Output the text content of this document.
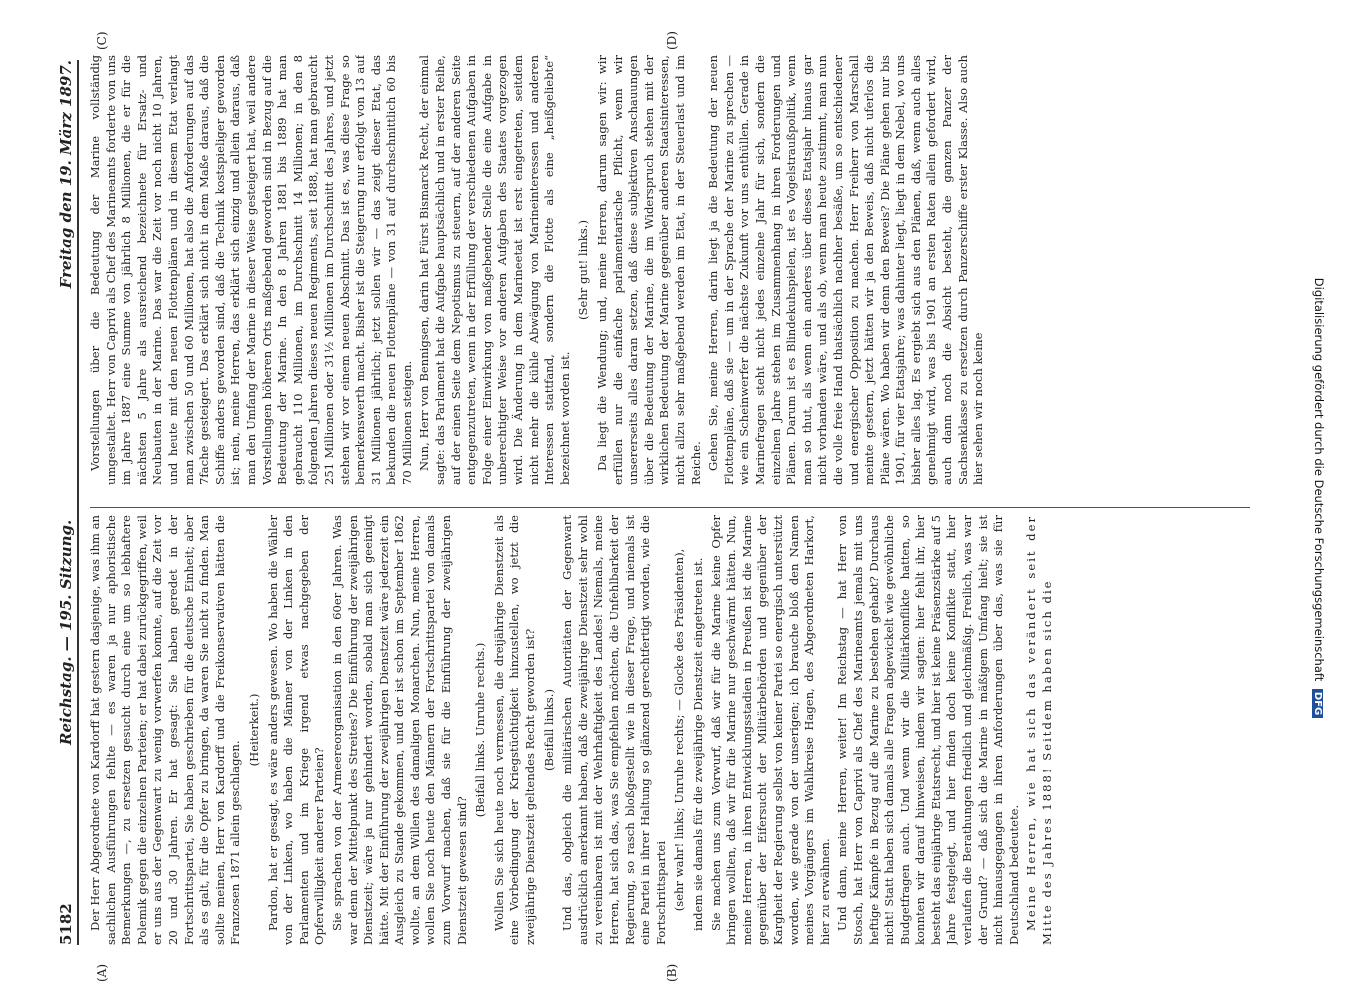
5182
Reichstag. — 195. Sitzung.
Freitag den 19. März 1897.
(A)	(B)
(C)	(D)

Der Herr Abgeordnete von Kardorff hat gestern dasjenige, was ihm an sachlichen Ausführungen fehlte — es waren ja nur aphoristische Bemerkungen —, zu ersetzen gesucht durch eine um so lebhaftere Polemik gegen die einzelnen Parteien; er hat dabei zurückgegriffen, weil er uns aus der Gegenwart zu wenig vorwerfen konnte, auf die Zeit vor 20 und 30 Jahren. Er hat gesagt: Sie haben geredet in der Fortschrittspartei, Sie haben geschrieben für die deutsche Einheit; aber als es galt, für die Opfer zu bringen, da waren Sie nicht zu finden. Man sollte meinen, Herr von Kardorff und die Freikonservativen hätten die Franzosen 1871 allein geschlagen.

(Heiterkeit.) Pardon, hat er gesagt, es wäre anders gewesen. Wo haben die Wähler von der Linken, wo haben die Männer von der Linken in den Parlamenten und im Kriege irgend etwas nachgegeben der Opferwilligkeit anderer Parteien? Sie sprachen von der Armeereorganisation in den 60er Jahren. Was war denn der Mittelpunkt des Streites? Die Einführung der zweijährigen Dienstzeit; wäre ja nur gehindert worden, sobald man sich geeinigt hätte. Mit der Einführung der zweijährigen Dienstzeit wäre jederzeit ein Ausgleich zu Stande gekommen, und der ist schon im September 1862 wollte, an dem Willen des damaligen Monarchen. Nun, meine Herren, wollen Sie noch heute den Männern der Fortschrittspartei von damals zum Vorwurf machen, daß sie für die Einführung der zweijährigen Dienstzeit gewesen sind?

(Beifall links. Unruhe rechts.) Wollen Sie sich heute noch vermessen, die dreijährige Dienstzeit als eine Vorbedingung der Kriegstüchtigkeit hinzustellen, wo jetzt die zweijährige Dienstzeit geltendes Recht geworden ist? (Beifall links.) Und das, obgleich die militärischen Autoritäten der Gegenwart ausdrücklich anerkannt haben, daß die zweijährige Dienstzeit sehr wohl zu vereinbaren ist mit der Wehrhaftigkeit des Landes! Niemals, meine Herren, hat sich das, was Sie empfehlen möchten, die Unfehlbarkeit der Regierung, so rasch bloßgestellt wie in dieser Frage, und niemals ist eine Partei in ihrer Haltung so glänzend gerechtfertigt worden, wie die Fortschrittspartei (sehr wahr! links; Unruhe rechts; — Glocke des Präsidenten), indem sie damals für die zweijährige Dienstzeit eingetreten ist. Sie machen uns zum Vorwurf, daß wir für die Marine keine Opfer bringen wollten, daß wir für die Marine nur geschwärmt hätten. Nun, meine Herren, in ihren Entwicklungsstadien in Preußen ist die Marine gegenüber der Eifersucht der Militärbehörden und gegenüber der Kargheit der Regierung selbst von keiner Partei so energisch unterstützt worden, wie gerade von der unserigen; ich brauche bloß den Namen meines Vorgängers im Wahlkreise Hagen, des Abgeordneten Harkort, hier zu erwähnen. Und dann, meine Herren, weiter! Im Reichstag — hat Herr von Stosch, hat Herr von Caprivi als Chef des Marineamts jemals mit uns heftige Kämpfe in Bezug auf die Marine zu bestehen gehabt? Durchaus nicht! Statt haben sich damals alle Fragen abgewickelt wie gewöhnliche Budgetfragen auch. Und wenn wir die Militärkonflikte hatten, so konnten wir darauf hinweisen, indem wir sagten: hier fehlt ihr, hier besteht das einjährige Etatsrecht, und hier ist keine Präsenzstärke auf 5 Jahre festgelegt, und hier finden doch keine Konflikte statt, hier verlaufen die Berathungen friedlich und gleichmäßig. Freilich, was war der Grund? — daß sich die Marine in mäßigem Umfang hielt; sie ist nicht hinausgegangen in ihren Anforderungen über das, was sie für Deutschland bedeutete. Meine Herren, wie hat sich das verändert seit der Mitte des Jahres 1888! Seitdem haben sich die

Vorstellungen über die Bedeutung der Marine vollständig umgestaltet. Herr von Caprivi als Chef des Marineamts forderte von uns im Jahre 1887 eine Summe von jährlich 8 Millionen, die er für die nächsten 5 Jahre als ausreichend bezeichnete für Ersatz- und Neubauten in der Marine. Das war die Zeit vor noch nicht 10 Jahren, und heute mit den neuen Flottenplänen und in diesem Etat verlangt man zwischen 50 und 60 Millionen, hat also die Anforderungen auf das 7fache gesteigert. Das erklärt sich nicht in dem Maße daraus, daß die Schiffe anders geworden sind, daß die Technik kostspieliger geworden ist; nein, meine Herren, das erklärt sich einzig und allein daraus, daß man den Umfang der Marine in dieser Weise gesteigert hat, weil andere Vorstellungen höheren Orts maßgebend geworden sind in Bezug auf die Bedeutung der Marine. In den 8 Jahren 1881 bis 1889 hat man gebraucht 110 Millionen, im Durchschnitt 14 Millionen; in den 8 folgenden Jahren dieses neuen Regiments, seit 1888, hat man gebraucht 251 Millionen oder 31½ Millionen im Durchschnitt des Jahres, und jetzt stehen wir vor einem neuen Abschnitt. Das ist es, was diese Frage so bemerkenswerth macht. Bisher ist die Steigerung nur erfolgt von 13 auf 31 Millionen jährlich; jetzt sollen wir — das zeigt dieser Etat, das bekunden die neuen Flottenpläne — von 31 auf durchschnittlich 60 bis 70 Millionen steigen. Nun, Herr von Bennigsen, darin hat Fürst Bismarck Recht, der einmal sagte: das Parlament hat die Aufgabe hauptsächlich und in erster Reihe, auf der einen Seite dem Nepotismus zu steuern, auf der anderen Seite entgegenzutreten, wenn in der Erfüllung der verschiedenen Aufgaben in Folge einer Einwirkung von maßgebender Stelle die eine Aufgabe in unberechtigter Weise vor anderen Aufgaben des Staates vorgezogen wird. Die Änderung in dem Marineetat ist erst eingetreten, seitdem nicht mehr die kühle Abwägung von Marineinteressen und anderen Interessen stattfand, sondern die Flotte als eine „heißgeliebte“ bezeichnet worden ist.

(Sehr gut! links.) Da liegt die Wendung; und, meine Herren, darum sagen wir: wir erfüllen nur die einfache parlamentarische Pflicht, wenn wir unsererseits alles daran setzen, daß diese subjektiven Anschauungen über die Bedeutung der Marine, die im Widerspruch stehen mit der wirklichen Bedeutung der Marine gegenüber anderen Staatsinteressen, nicht allzu sehr maßgebend werden im Etat, in der Steuerlast und im Reiche. Gehen Sie, meine Herren, darin liegt ja die Bedeutung der neuen Flottenpläne, daß sie — um in der Sprache der Marine zu sprechen — wie ein Scheinwerfer die nächste Zukunft vor uns enthüllen. Gerade in Marinefragen steht nicht jedes einzelne Jahr für sich, sondern die einzelnen Jahre stehen im Zusammenhang in ihren Forderungen und Plänen. Darum ist es Blindekuhspielen, ist es Vogelstraußpolitik, wenn man so thut, als wenn ein anderes über dieses Etatsjahr hinaus gar nicht vorhanden wäre, und als ob, wenn man heute zustimmt, man nun die volle freie Hand thatsächlich nachher besäße, um so entschiedener und energischer Opposition zu machen. Herr Freiherr von Marschall meinte gestern, jetzt hätten wir ja den Beweis, daß nicht uferlos die Pläne wären. Wo haben wir denn den Beweis? Die Pläne gehen nur bis 1901, für vier Etatsjahre; was dahinter liegt, liegt in dem Nebel, wo uns bisher alles lag. Es ergiebt sich aus den Plänen, daß, wenn auch alles genehmigt wird, was bis 1901 an ersten Raten allein gefordert wird, auch dann noch die Absicht besteht, die ganzen Panzer der Sachsenklasse zu ersetzen durch Panzerschiffe erster Klasse. Also auch hier sehen wir noch keine	Digitalisierung gefördert durch die Deutsche Forschungsgemeinschaft DFG
